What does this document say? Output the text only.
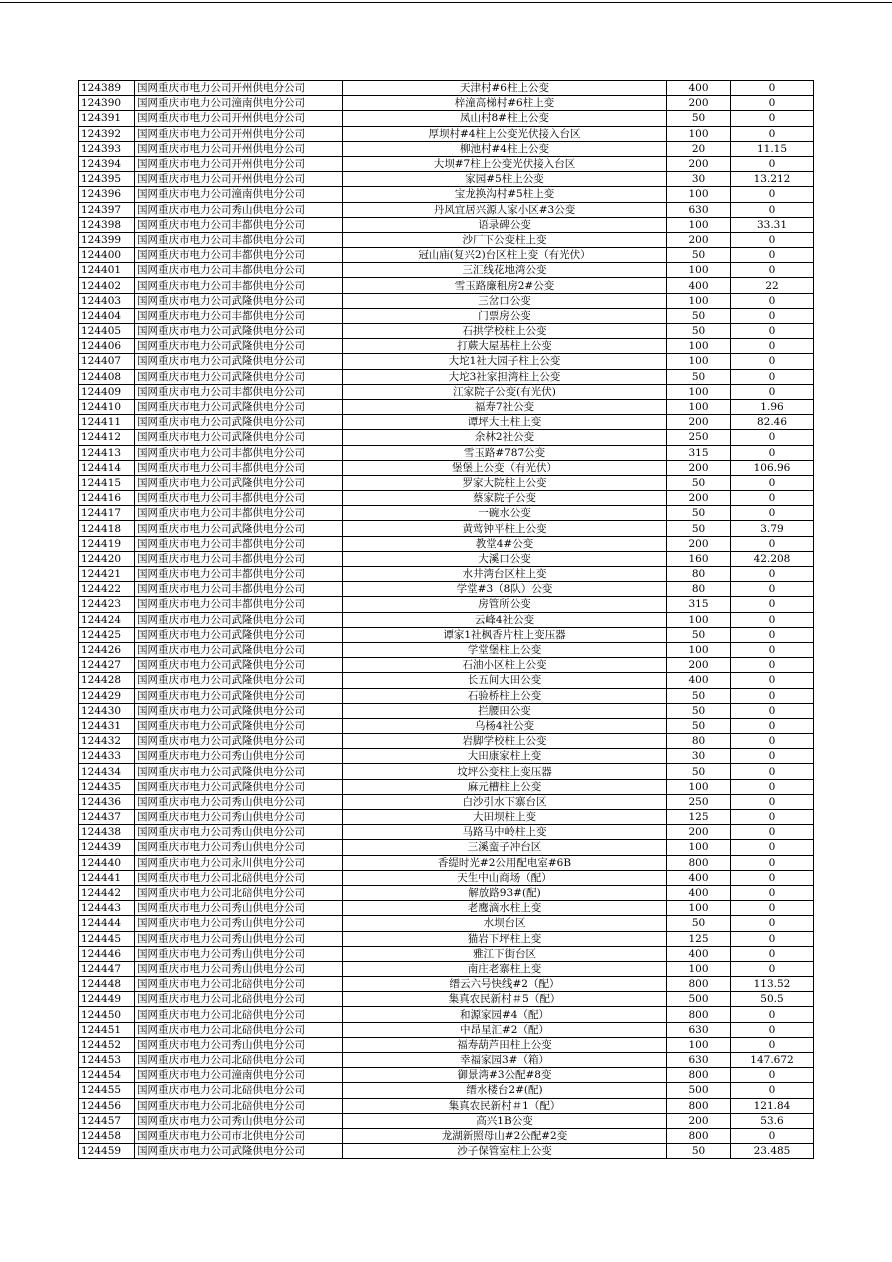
124389	国网重庆市电力公司开州供电分公司	天津村#6柱上公变	400	0
124390	国网重庆市电力公司潼南供电分公司	梓潼高梯村#6柱上变	200	0
124391	国网重庆市电力公司开州供电分公司	凤山村8#柱上公变	50	0
124392	国网重庆市电力公司开州供电分公司	厚坝村#4柱上公变光伏接入台区	100	0
124393	国网重庆市电力公司开州供电分公司	柳池村#4柱上公变	20	11.15
124394	国网重庆市电力公司开州供电分公司	大坝#7柱上公变光伏接入台区	200	0
124395	国网重庆市电力公司开州供电分公司	家园#5柱上公变	30	13.212
124396	国网重庆市电力公司潼南供电分公司	宝龙换沟村#5柱上变	100	0
124397	国网重庆市电力公司秀山供电分公司	丹风宜居兴源人家小区#3公变	630	0
124398	国网重庆市电力公司丰都供电分公司	语录碑公变	100	33.31
124399	国网重庆市电力公司丰都供电分公司	沙厂下公变柱上变	200	0
124400	国网重庆市电力公司丰都供电分公司	冠山庙(复兴2)台区柱上变（有光伏）	50	0
124401	国网重庆市电力公司丰都供电分公司	三汇线花地湾公变	100	0
124402	国网重庆市电力公司丰都供电分公司	雪玉路廉租房2#公变	400	22
124403	国网重庆市电力公司武隆供电分公司	三岔口公变	100	0
124404	国网重庆市电力公司丰都供电分公司	门票房公变	50	0
124405	国网重庆市电力公司武隆供电分公司	石拱学校柱上公变	50	0
124406	国网重庆市电力公司武隆供电分公司	打蕨大屋基柱上公变	100	0
124407	国网重庆市电力公司武隆供电分公司	大坨1社大园子柱上公变	100	0
124408	国网重庆市电力公司武隆供电分公司	大坨3社家担湾柱上公变	50	0
124409	国网重庆市电力公司丰都供电分公司	江家院子公变(有光伏)	100	0
124410	国网重庆市电力公司武隆供电分公司	福寿7社公变	100	1.96
124411	国网重庆市电力公司武隆供电分公司	谭坪大土柱上变	200	82.46
124412	国网重庆市电力公司武隆供电分公司	余林2社公变	250	0
124413	国网重庆市电力公司丰都供电分公司	雪玉路#787公变	315	0
124414	国网重庆市电力公司丰都供电分公司	堡堡上公变（有光伏）	200	106.96
124415	国网重庆市电力公司武隆供电分公司	罗家大院柱上公变	50	0
124416	国网重庆市电力公司丰都供电分公司	蔡家院子公变	200	0
124417	国网重庆市电力公司丰都供电分公司	一碗水公变	50	0
124418	国网重庆市电力公司武隆供电分公司	黄莺钟平柱上公变	50	3.79
124419	国网重庆市电力公司丰都供电分公司	教堂4#公变	200	0
124420	国网重庆市电力公司丰都供电分公司	大溪口公变	160	42.208
124421	国网重庆市电力公司丰都供电分公司	水井湾台区柱上变	80	0
124422	国网重庆市电力公司丰都供电分公司	学堂#3（8队）公变	80	0
124423	国网重庆市电力公司丰都供电分公司	房管所公变	315	0
124424	国网重庆市电力公司武隆供电分公司	云峰4社公变	100	0
124425	国网重庆市电力公司武隆供电分公司	谭家1社枫香片柱上变压器	50	0
124426	国网重庆市电力公司武隆供电分公司	学堂堡柱上公变	100	0
124427	国网重庆市电力公司武隆供电分公司	石油小区柱上公变	200	0
124428	国网重庆市电力公司武隆供电分公司	长五间大田公变	400	0
124429	国网重庆市电力公司武隆供电分公司	石验桥柱上公变	50	0
124430	国网重庆市电力公司武隆供电分公司	拦腰田公变	50	0
124431	国网重庆市电力公司武隆供电分公司	乌杨4社公变	50	0
124432	国网重庆市电力公司武隆供电分公司	岩脚学校柱上公变	80	0
124433	国网重庆市电力公司秀山供电分公司	大田康家柱上变	30	0
124434	国网重庆市电力公司武隆供电分公司	坟坪公变柱上变压器	50	0
124435	国网重庆市电力公司武隆供电分公司	麻元槽柱上公变	100	0
124436	国网重庆市电力公司秀山供电分公司	白沙引水下寨台区	250	0
124437	国网重庆市电力公司秀山供电分公司	大田坝柱上变	125	0
124438	国网重庆市电力公司秀山供电分公司	马路马中岭柱上变	200	0
124439	国网重庆市电力公司秀山供电分公司	三溪蛮子冲台区	100	0
124440	国网重庆市电力公司永川供电分公司	香缇时光#2公用配电室#6B	800	0
124441	国网重庆市电力公司北碚供电分公司	天生中山商场（配）	400	0
124442	国网重庆市电力公司北碚供电分公司	解放路93#(配)	400	0
124443	国网重庆市电力公司秀山供电分公司	老鹰滴水柱上变	100	0
124444	国网重庆市电力公司秀山供电分公司	水坝台区	50	0
124445	国网重庆市电力公司秀山供电分公司	猫岩下坪柱上变	125	0
124446	国网重庆市电力公司秀山供电分公司	雅江下街台区	400	0
124447	国网重庆市电力公司秀山供电分公司	南庄老寨柱上变	100	0
124448	国网重庆市电力公司北碚供电分公司	缙云六号快线#2（配）	800	113.52
124449	国网重庆市电力公司北碚供电分公司	集真农民新村＃5（配）	500	50.5
124450	国网重庆市电力公司北碚供电分公司	和源家园#4（配）	800	0
124451	国网重庆市电力公司北碚供电分公司	中昂星汇#2（配）	630	0
124452	国网重庆市电力公司秀山供电分公司	福寿葫芦田柱上公变	100	0
124453	国网重庆市电力公司北碚供电分公司	幸福家园3#（箱）	630	147.672
124454	国网重庆市电力公司潼南供电分公司	御景湾#3公配#8变	800	0
124455	国网重庆市电力公司北碚供电分公司	缙水楼台2#(配)	500	0
124456	国网重庆市电力公司北碚供电分公司	集真农民新村＃1（配）	800	121.84
124457	国网重庆市电力公司秀山供电分公司	高兴1B公变	200	53.6
124458	国网重庆市电力公司市北供电分公司	龙湖新照母山#2公配#2变	800	0
124459	国网重庆市电力公司武隆供电分公司	沙子保管室柱上公变	50	23.485
